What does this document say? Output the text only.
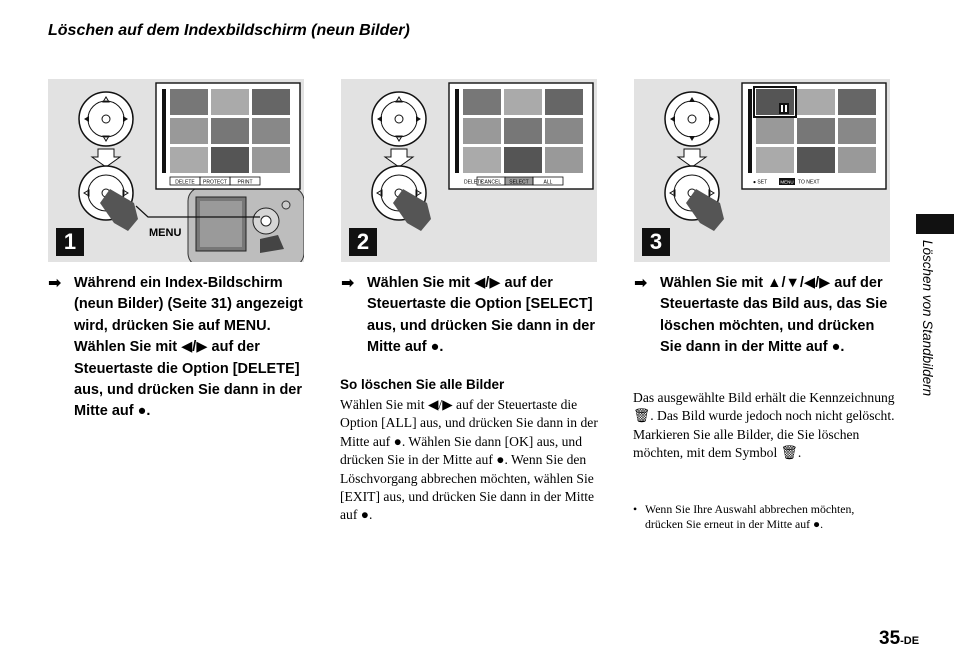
Löschen auf dem Indexbildschirm (neun Bilder)
DELETE PROTECT PRINT
MENU
1
DELETE
CANCEL SELECT	ALL
2
● SET	MENU TO NEXT
3
➡ Während ein Index-Bildschirm (neun Bilder) (Seite 31) angezeigt wird, drücken Sie auf MENU.

Wählen Sie mit ◀/▶ auf der Steuertaste die Option [DELETE] aus, und drücken Sie dann in der Mitte auf ●.

➡ Wählen Sie mit ◀/▶ auf der Steuertaste die Option [SELECT] aus, und drücken Sie dann in der Mitte auf ●.

➡ Wählen Sie mit ▲/▼/◀/▶ auf der Steuertaste das Bild aus, das Sie löschen möchten, und drücken Sie dann in der Mitte auf ●.

So löschen Sie alle Bilder
Wählen Sie mit ◀/▶ auf der Steuertaste die Option [ALL] aus, und drücken Sie dann in der Mitte auf ●. Wählen Sie dann [OK] aus, und drücken Sie in der Mitte auf ●. Wenn Sie den Löschvorgang abbrechen möchten, wählen Sie [EXIT] aus, und drücken Sie dann in der Mitte auf ●.
Das ausgewählte Bild erhält die Kennzeichnung 🗑. Das Bild wurde jedoch noch nicht gelöscht. Markieren Sie alle Bilder, die Sie löschen möchten, mit dem Symbol 🗑.
• Wenn Sie Ihre Auswahl abbrechen möchten, drücken Sie erneut in der Mitte auf ●.
Löschen von Standbildern
35-DE
